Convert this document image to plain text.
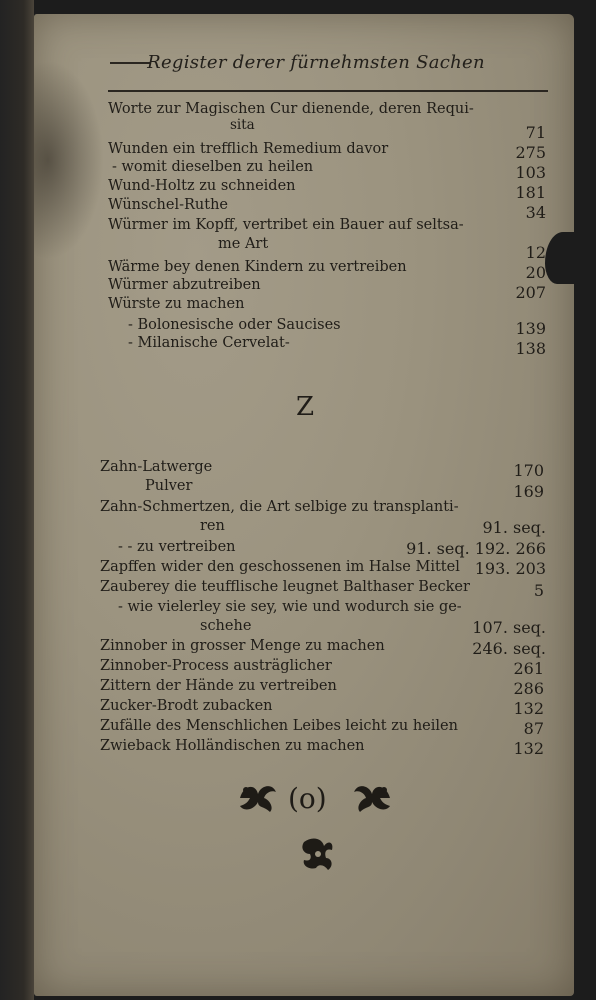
Register derer fürnehmsten Sachen
Worte zur Magischen Cur dienende, deren Requi-
sita	71
Wunden ein trefflich Remedium davor	275
- womit dieselben zu heilen	103
Wund-Holtz zu schneiden	181
Wünschel-Ruthe	34
Würmer im Kopff, vertribet ein Bauer auf seltsa-
me Art	12
Wärme bey denen Kindern zu vertreiben	20
Würmer abzutreiben	207
Würste zu machen
- Bolonesische oder Saucises	139
- Milanische Cervelat-	138
Z
Zahn-Latwerge	170
Pulver	169
Zahn-Schmertzen, die Art selbige zu transplanti-
ren	91. seq.
- - zu vertreiben	91. seq. 192. 266
Zapffen wider den geschossenen im Halse Mittel 193. 203
Zauberey die teufflische leugnet Balthaser Becker	5
- wie vielerley sie sey, wie und wodurch sie ge-
schehe	107. seq.
Zinnober in grosser Menge zu machen	246. seq.
Zinnober-Process austräglicher	261
Zittern der Hände zu vertreiben	286
Zucker-Brodt zubacken	132
Zufälle des Menschlichen Leibes leicht zu heilen	87
Zwieback Holländischen zu machen	132
(o)
